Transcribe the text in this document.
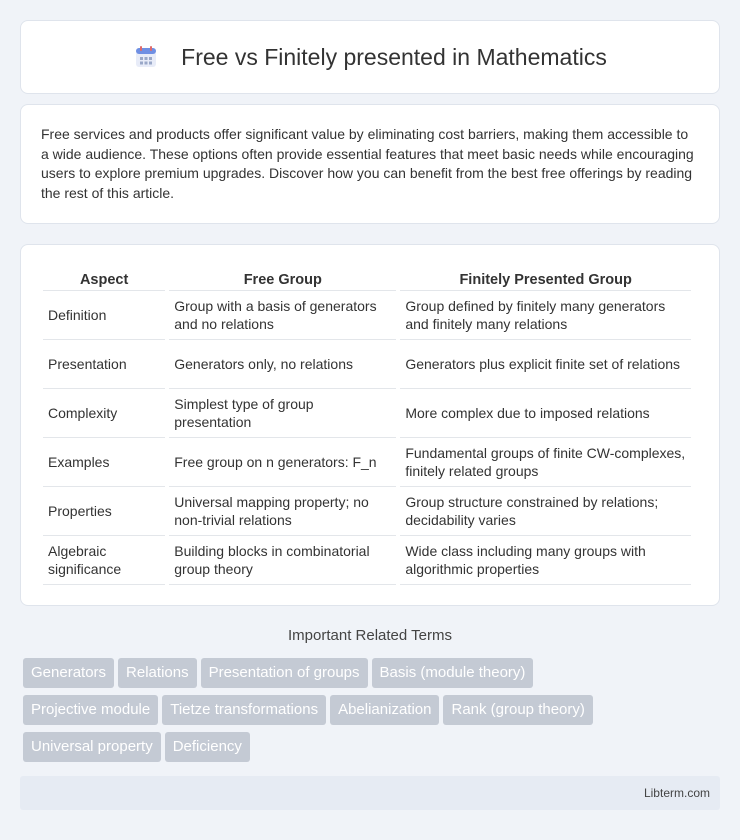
Free vs Finitely presented in Mathematics

Free services and products offer significant value by eliminating cost barriers, making them accessible to a wide audience. These options often provide essential features that meet basic needs while encouraging users to explore premium upgrades. Discover how you can benefit from the best free offerings by reading the rest of this article.

Aspect	Free Group	Finitely Presented Group
Definition	Group with a basis of generators and no relations	Group defined by finitely many generators and finitely many relations
Presentation	Generators only, no relations	Generators plus explicit finite set of relations
Complexity	Simplest type of group presentation	More complex due to imposed relations
Examples	Free group on n generators: F_n	Fundamental groups of finite CW-complexes, finitely related groups
Properties	Universal mapping property; no non-trivial relations	Group structure constrained by relations; decidability varies
Algebraic significance	Building blocks in combinatorial group theory	Wide class including many groups with algorithmic properties
Important Related Terms
Generators Relations Presentation of groups Basis (module theory)
Projective module Tietze transformations Abelianization Rank (group theory)
Universal property Deficiency
Libterm.com
